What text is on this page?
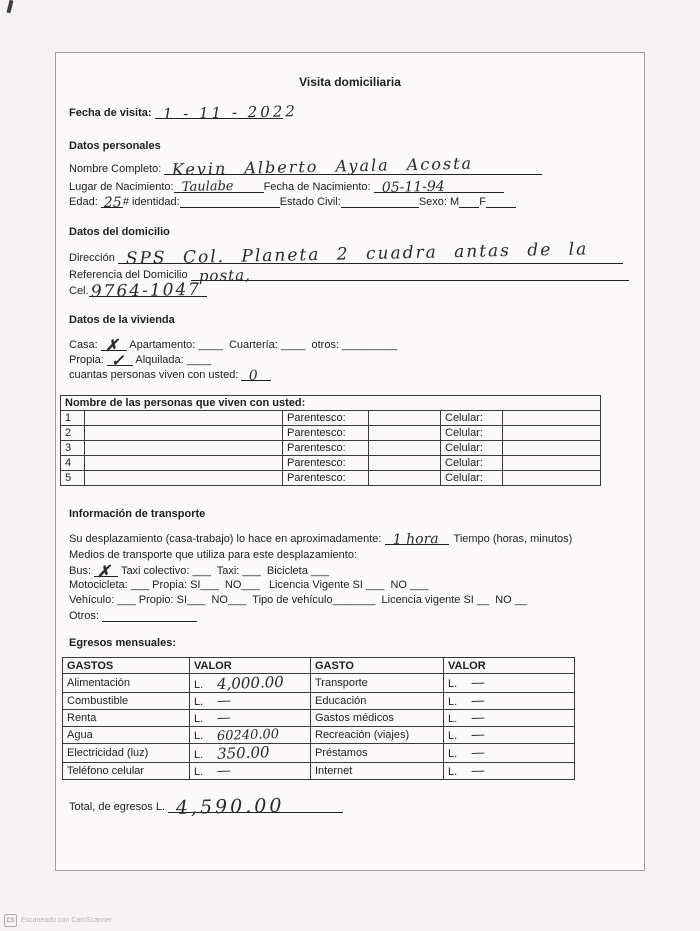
Visita domiciliaria
Fecha de visita: 1 - 11 - 2022
Datos personales
Nombre Completo: Kevin Alberto Ayala Acosta
Lugar de Nacimiento: Taulabe	Fecha de Nacimiento: 05-11-94
Edad: 25 # identidad:	Estado Civil:	Sexo: M F
Datos del domicilio
Dirección SPS Col. Planeta 2 cuadra antas de la
Referencia del Domicilio posta,
Cel. 9764-1047
Datos de la vivienda
Casa: ✗ Apartamento: ____  Cuartería: ____  otros: _________
Propia: ✓ Alquilada: ____
cuantas personas viven con usted: 0
Nombre de las personas que viven con usted:					
1		Parentesco:		Celular:	
2		Parentesco:		Celular:	
3		Parentesco:		Celular:	
4		Parentesco:		Celular:	
5		Parentesco:		Celular:	
Información de transporte
Su desplazamiento (casa-trabajo) lo hace en aproximadamente: 1 hora Tiempo (horas, minutos)
Medios de transporte que utiliza para este desplazamiento:
Bus: ✗ Taxi colectivo: ___  Taxi: ___  Bicicleta ___
Motocicleta: ___ Propia: SI___  NO___   Licencia Vigente SI ___  NO ___
Vehículo: ___ Propio: SI___  NO___  Tipo de vehículo_______  Licencia vigente SI __  NO __
Otros:
Egresos mensuales:
GASTOS	VALOR	GASTO	VALOR
Alimentación	L. 4,000.00	Transporte	L. —
Combustible	L. —	Educación	L. —
Renta	L. —	Gastos médicos	L. —
Agua	L. 60240.00	Recreación (viajes)	L. —
Electricidad (luz)	L. 350.00	Préstamos	L. —
Teléfono celular	L. —	Internet	L. —
Total, de egresos L. 4,590.00
CS Escaneado con CamScanner
